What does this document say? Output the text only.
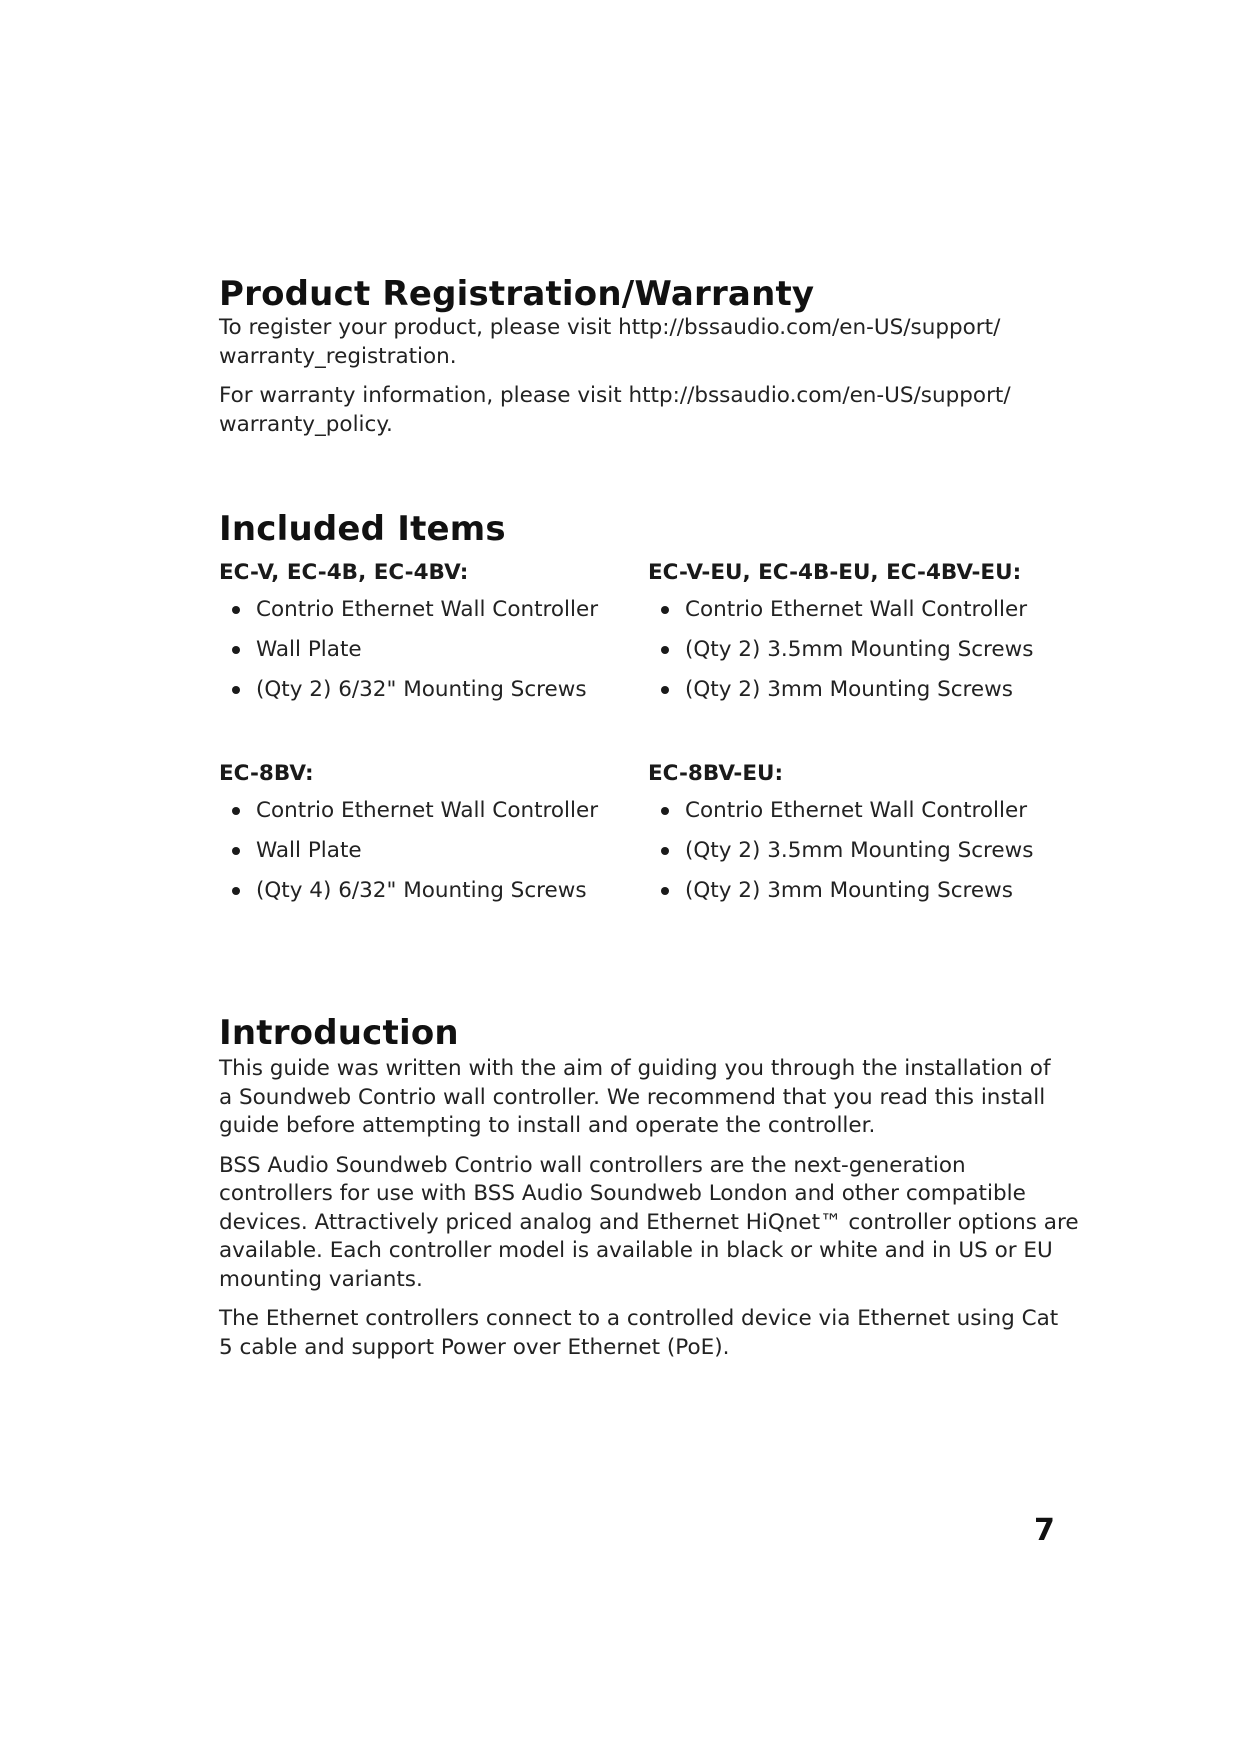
Product Registration/Warranty

To register your product, please visit http://bssaudio.com/en-US/support/
warranty_registration.

For warranty information, please visit http://bssaudio.com/en-US/support/
warranty_policy.

Included Items
EC-V, EC-4B, EC-4BV:
Contrio Ethernet Wall Controller
Wall Plate
(Qty 2) 6/32" Mounting Screws
EC-V-EU, EC-4B-EU, EC-4BV-EU:
Contrio Ethernet Wall Controller
(Qty 2) 3.5mm Mounting Screws
(Qty 2) 3mm Mounting Screws
EC-8BV:
Contrio Ethernet Wall Controller
Wall Plate
(Qty 4) 6/32" Mounting Screws
EC-8BV-EU:
Contrio Ethernet Wall Controller
(Qty 2) 3.5mm Mounting Screws
(Qty 2) 3mm Mounting Screws
Introduction

This guide was written with the aim of guiding you through the installation of
a Soundweb Contrio wall controller. We recommend that you read this install
guide before attempting to install and operate the controller.

BSS Audio Soundweb Contrio wall controllers are the next-generation
controllers for use with BSS Audio Soundweb London and other compatible
devices. Attractively priced analog and Ethernet HiQnet™ controller options are
available. Each controller model is available in black or white and in US or EU
mounting variants.

The Ethernet controllers connect to a controlled device via Ethernet using Cat
5 cable and support Power over Ethernet (PoE).

7
